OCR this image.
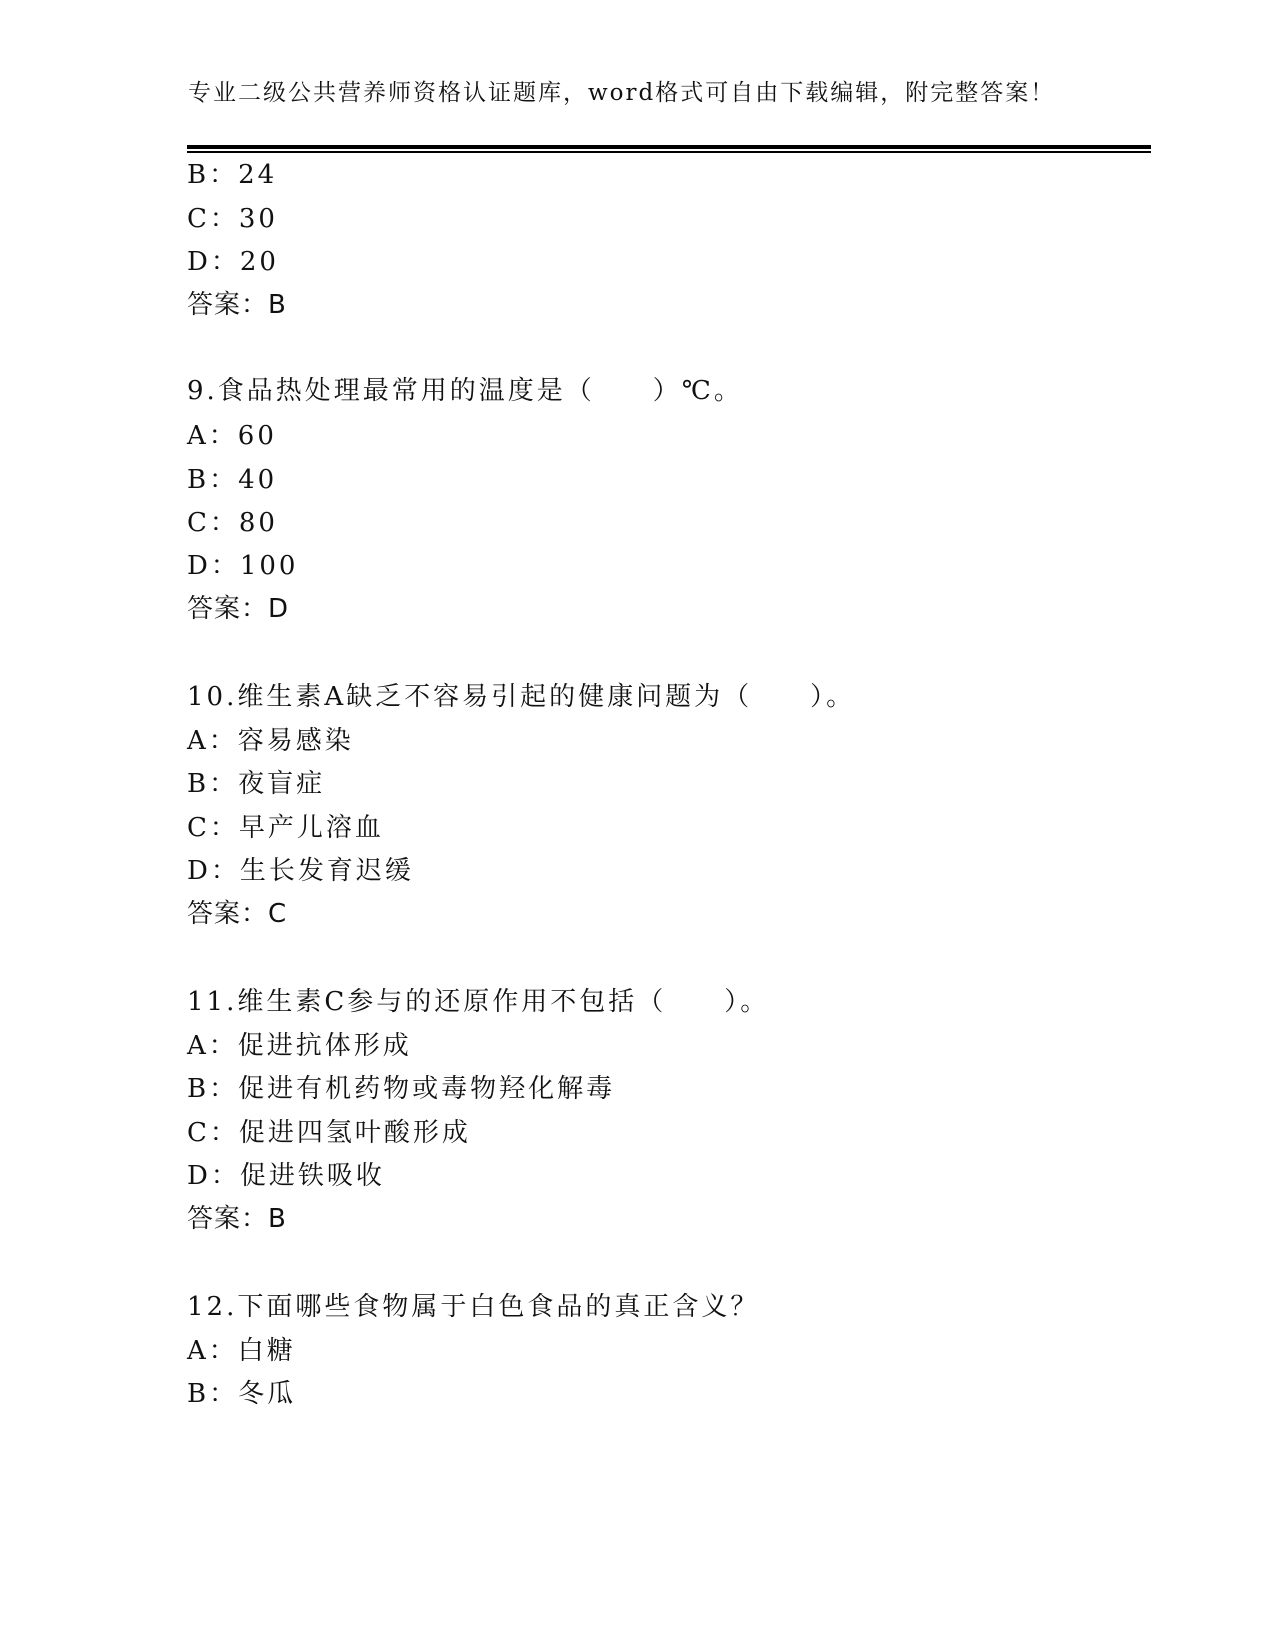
专业二级公共营养师资格认证题库，word格式可自由下载编辑，附完整答案！
B：24
C：30
D：20
答案：B
9.食品热处理最常用的温度是（　　）℃。
A：60
B：40
C：80
D：100
答案：D
10.维生素A缺乏不容易引起的健康问题为（　　）。
A：容易感染
B：夜盲症
C：早产儿溶血
D：生长发育迟缓
答案：C
11.维生素C参与的还原作用不包括（　　）。
A：促进抗体形成
B：促进有机药物或毒物羟化解毒
C：促进四氢叶酸形成
D：促进铁吸收
答案：B
12.下面哪些食物属于白色食品的真正含义？
A：白糖
B：冬瓜
